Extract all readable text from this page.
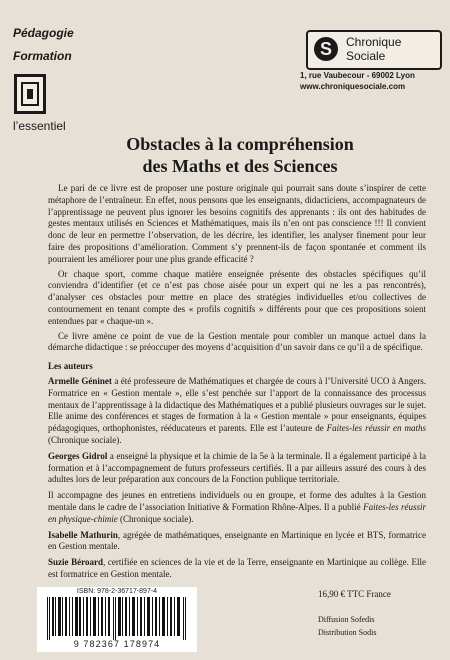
Pédagogie
Formation
l’essentiel
S	Chronique Sociale
1, rue Vaubecour - 69002 Lyon
www.chroniquesociale.com
Obstacles à la compréhension
des Maths et des Sciences

Le pari de ce livre est de proposer une posture originale qui pourrait sans doute s’inspirer de cette métaphore de l’entraîneur. En effet, nous pensons que les enseignants, didacticiens, accompagnateurs de l’apprentissage ne peuvent plus ignorer les besoins cognitifs des apprenants : ils ont des habitudes de gestes mentaux utilisés en Sciences et Mathématiques, mais ils n’en ont pas conscience !!! Il convient donc de leur en permettre l’observation, de les décrire, les identifier, les analyser finement pour leur faire des propositions d’amélioration. Comment s’y prennent-ils de façon spontanée et comment ils pourraient les améliorer pour une plus grande efficacité ?

Or chaque sport, comme chaque matière enseignée présente des obstacles spécifiques qu’il conviendra d’identifier (et ce n’est pas chose aisée pour un expert qui ne les a pas rencontrés), d’analyser ces obstacles pour mettre en place des stratégies individuelles et/ou collectives de contournement en tenant compte des « profils cognitifs » différents pour que ces propositions soient entendues par « chaque-un ».

Ce livre amène ce point de vue de la Gestion mentale pour combler un manque actuel dans la démarche didactique : se préoccuper des moyens d’acquisition d’un savoir dans ce qu’il a de spécifique.

Les auteurs
Armelle Géninet a été professeure de Mathématiques et chargée de cours à l’Université UCO à Angers. Formatrice en « Gestion mentale », elle s’est penchée sur l’apport de la connaissance des processus mentaux de l’apprentissage à la didactique des Mathématiques et a publié plusieurs ouvrages sur le sujet. Elle anime des conférences et stages de formation à la « Gestion mentale » pour enseignants, équipes pédagogiques, orthophonistes, rééducateurs et parents. Elle est l’auteure de Faites-les réussir en maths (Chronique sociale).
Georges Gidrol a enseigné la physique et la chimie de la 5e à la terminale. Il a également participé à la formation et à l’accompagnement de futurs professeurs certifiés. Il a par ailleurs assuré des cours à des adultes lors de leur préparation aux concours de la Fonction publique territoriale.
Il accompagne des jeunes en entretiens individuels ou en groupe, et forme des adultes à la Gestion mentale dans le cadre de l’association Initiative & Formation Rhône-Alpes. Il a publié Faites-les réussir en physique-chimie (Chronique sociale).
Isabelle Mathurin, agrégée de mathématiques, enseignante en Martinique en lycée et BTS, formatrice en Gestion mentale.
Suzie Béroard, certifiée en sciences de la vie et de la Terre, enseignante en Martinique au collège. Elle est formatrice en Gestion mentale.
ISBN: 978-2-36717-897-4
9 782367 178974
16,90 € TTC France
Diffusion Sofedis
Distribution Sodis
